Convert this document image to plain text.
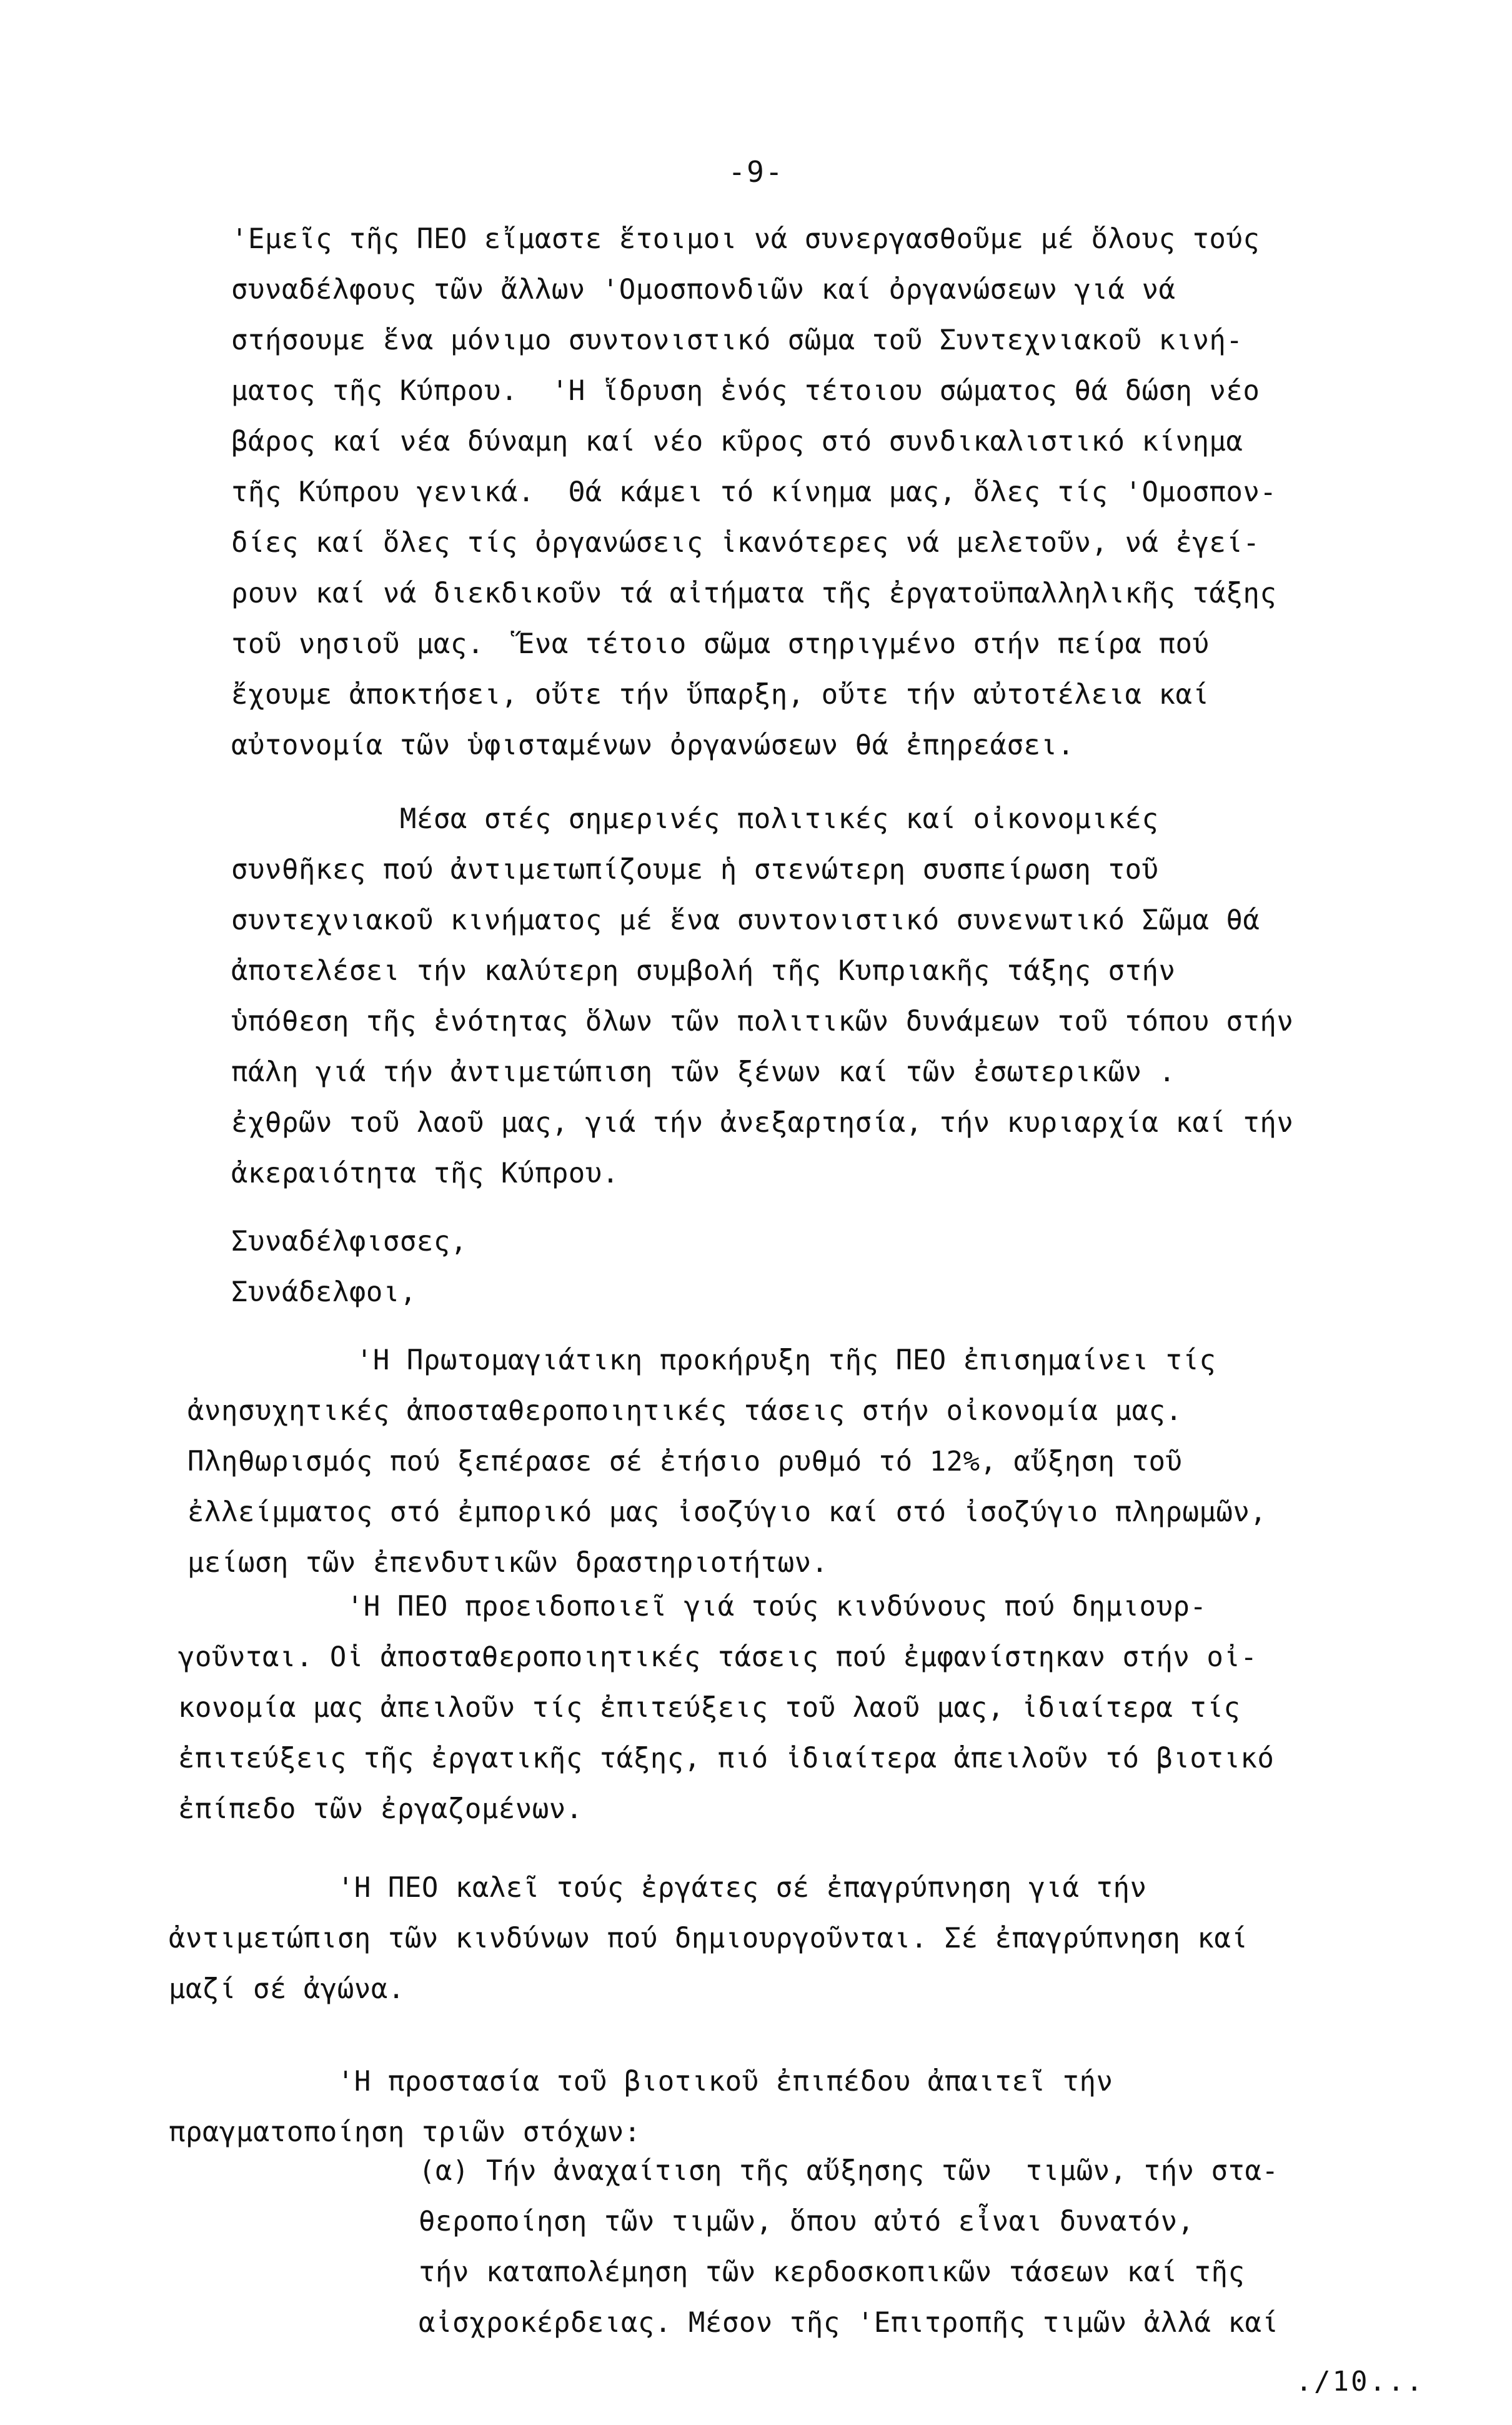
-9-

'Εμεῖς τῆς ΠΕΟ εἴμαστε ἕτοιμοι νά συνεργασθοῦμε μέ ὅλους τούς
συναδέλφους τῶν ἄλλων 'Ομοσπονδιῶν καί ὀργανώσεων γιά νά
στήσουμε ἕνα μόνιμο συντονιστικό σῶμα τοῦ Συντεχνιακοῦ κινή-
ματος τῆς Κύπρου.  'Η ἵδρυση ἑνός τέτοιου σώματος θά δώση νέο
βάρος καί νέα δύναμη καί νέο κῦρος στό συνδικαλιστικό κίνημα
τῆς Κύπρου γενικά.  Θά κάμει τό κίνημα μας, ὅλες τίς 'Ομοσπον-
δίες καί ὅλες τίς ὀργανώσεις ἱκανότερες νά μελετοῦν, νά ἐγεί-
ρουν καί νά διεκδικοῦν τά αἰτήματα τῆς ἐργατοϋπαλληλικῆς τάξης
τοῦ νησιοῦ μας.  Ἕνα τέτοιο σῶμα στηριγμένο στήν πείρα πού
ἔχουμε ἀποκτήσει, οὔτε τήν ὕπαρξη, οὔτε τήν αὐτοτέλεια καί
αὐτονομία τῶν ὑφισταμένων ὀργανώσεων θά ἐπηρεάσει.

Μέσα στές σημερινές πολιτικές καί οἰκονομικές
συνθῆκες πού ἀντιμετωπίζουμε ἡ στενώτερη συσπείρωση τοῦ
συντεχνιακοῦ κινήματος μέ ἕνα συντονιστικό συνενωτικό Σῶμα θά
ἀποτελέσει τήν καλύτερη συμβολή τῆς Κυπριακῆς τάξης στήν
ὑπόθεση τῆς ἑνότητας ὅλων τῶν πολιτικῶν δυνάμεων τοῦ τόπου στήν
πάλη γιά τήν ἀντιμετώπιση τῶν ξένων καί τῶν ἐσωτερικῶν .
ἐχθρῶν τοῦ λαοῦ μας, γιά τήν ἀνεξαρτησία, τήν κυριαρχία καί τήν
ἀκεραιότητα τῆς Κύπρου.

Συναδέλφισσες,
Συνάδελφοι,

'Η Πρωτομαγιάτικη προκήρυξη τῆς ΠΕΟ ἐπισημαίνει τίς
ἀνησυχητικές ἀποσταθεροποιητικές τάσεις στήν οἰκονομία μας.
Πληθωρισμός πού ξεπέρασε σέ ἐτήσιο ρυθμό τό 12%, αὔξηση τοῦ
ἐλλείμματος στό ἐμπορικό μας ἰσοζύγιο καί στό ἰσοζύγιο πληρωμῶν,
μείωση τῶν ἐπενδυτικῶν δραστηριοτήτων.

'Η ΠΕΟ προειδοποιεῖ γιά τούς κινδύνους πού δημιουρ-
γοῦνται. Οἱ ἀποσταθεροποιητικές τάσεις πού ἐμφανίστηκαν στήν οἰ-
κονομία μας ἀπειλοῦν τίς ἐπιτεύξεις τοῦ λαοῦ μας, ἰδιαίτερα τίς
ἐπιτεύξεις τῆς ἐργατικῆς τάξης, πιό ἰδιαίτερα ἀπειλοῦν τό βιοτικό
ἐπίπεδο τῶν ἐργαζομένων.

'Η ΠΕΟ καλεῖ τούς ἐργάτες σέ ἐπαγρύπνηση γιά τήν
ἀντιμετώπιση τῶν κινδύνων πού δημιουργοῦνται. Σέ ἐπαγρύπνηση καί
μαζί σέ ἀγώνα.

'Η προστασία τοῦ βιοτικοῦ ἐπιπέδου ἀπαιτεῖ τήν
πραγματοποίηση τριῶν στόχων:

(α) Τήν ἀναχαίτιση τῆς αὔξησης τῶν  τιμῶν, τήν στα-
θεροποίηση τῶν τιμῶν, ὅπου αὐτό εἶναι δυνατόν,
τήν καταπολέμηση τῶν κερδοσκοπικῶν τάσεων καί τῆς
αἰσχροκέρδειας. Μέσον τῆς 'Επιτροπῆς τιμῶν ἀλλά καί

./10...
